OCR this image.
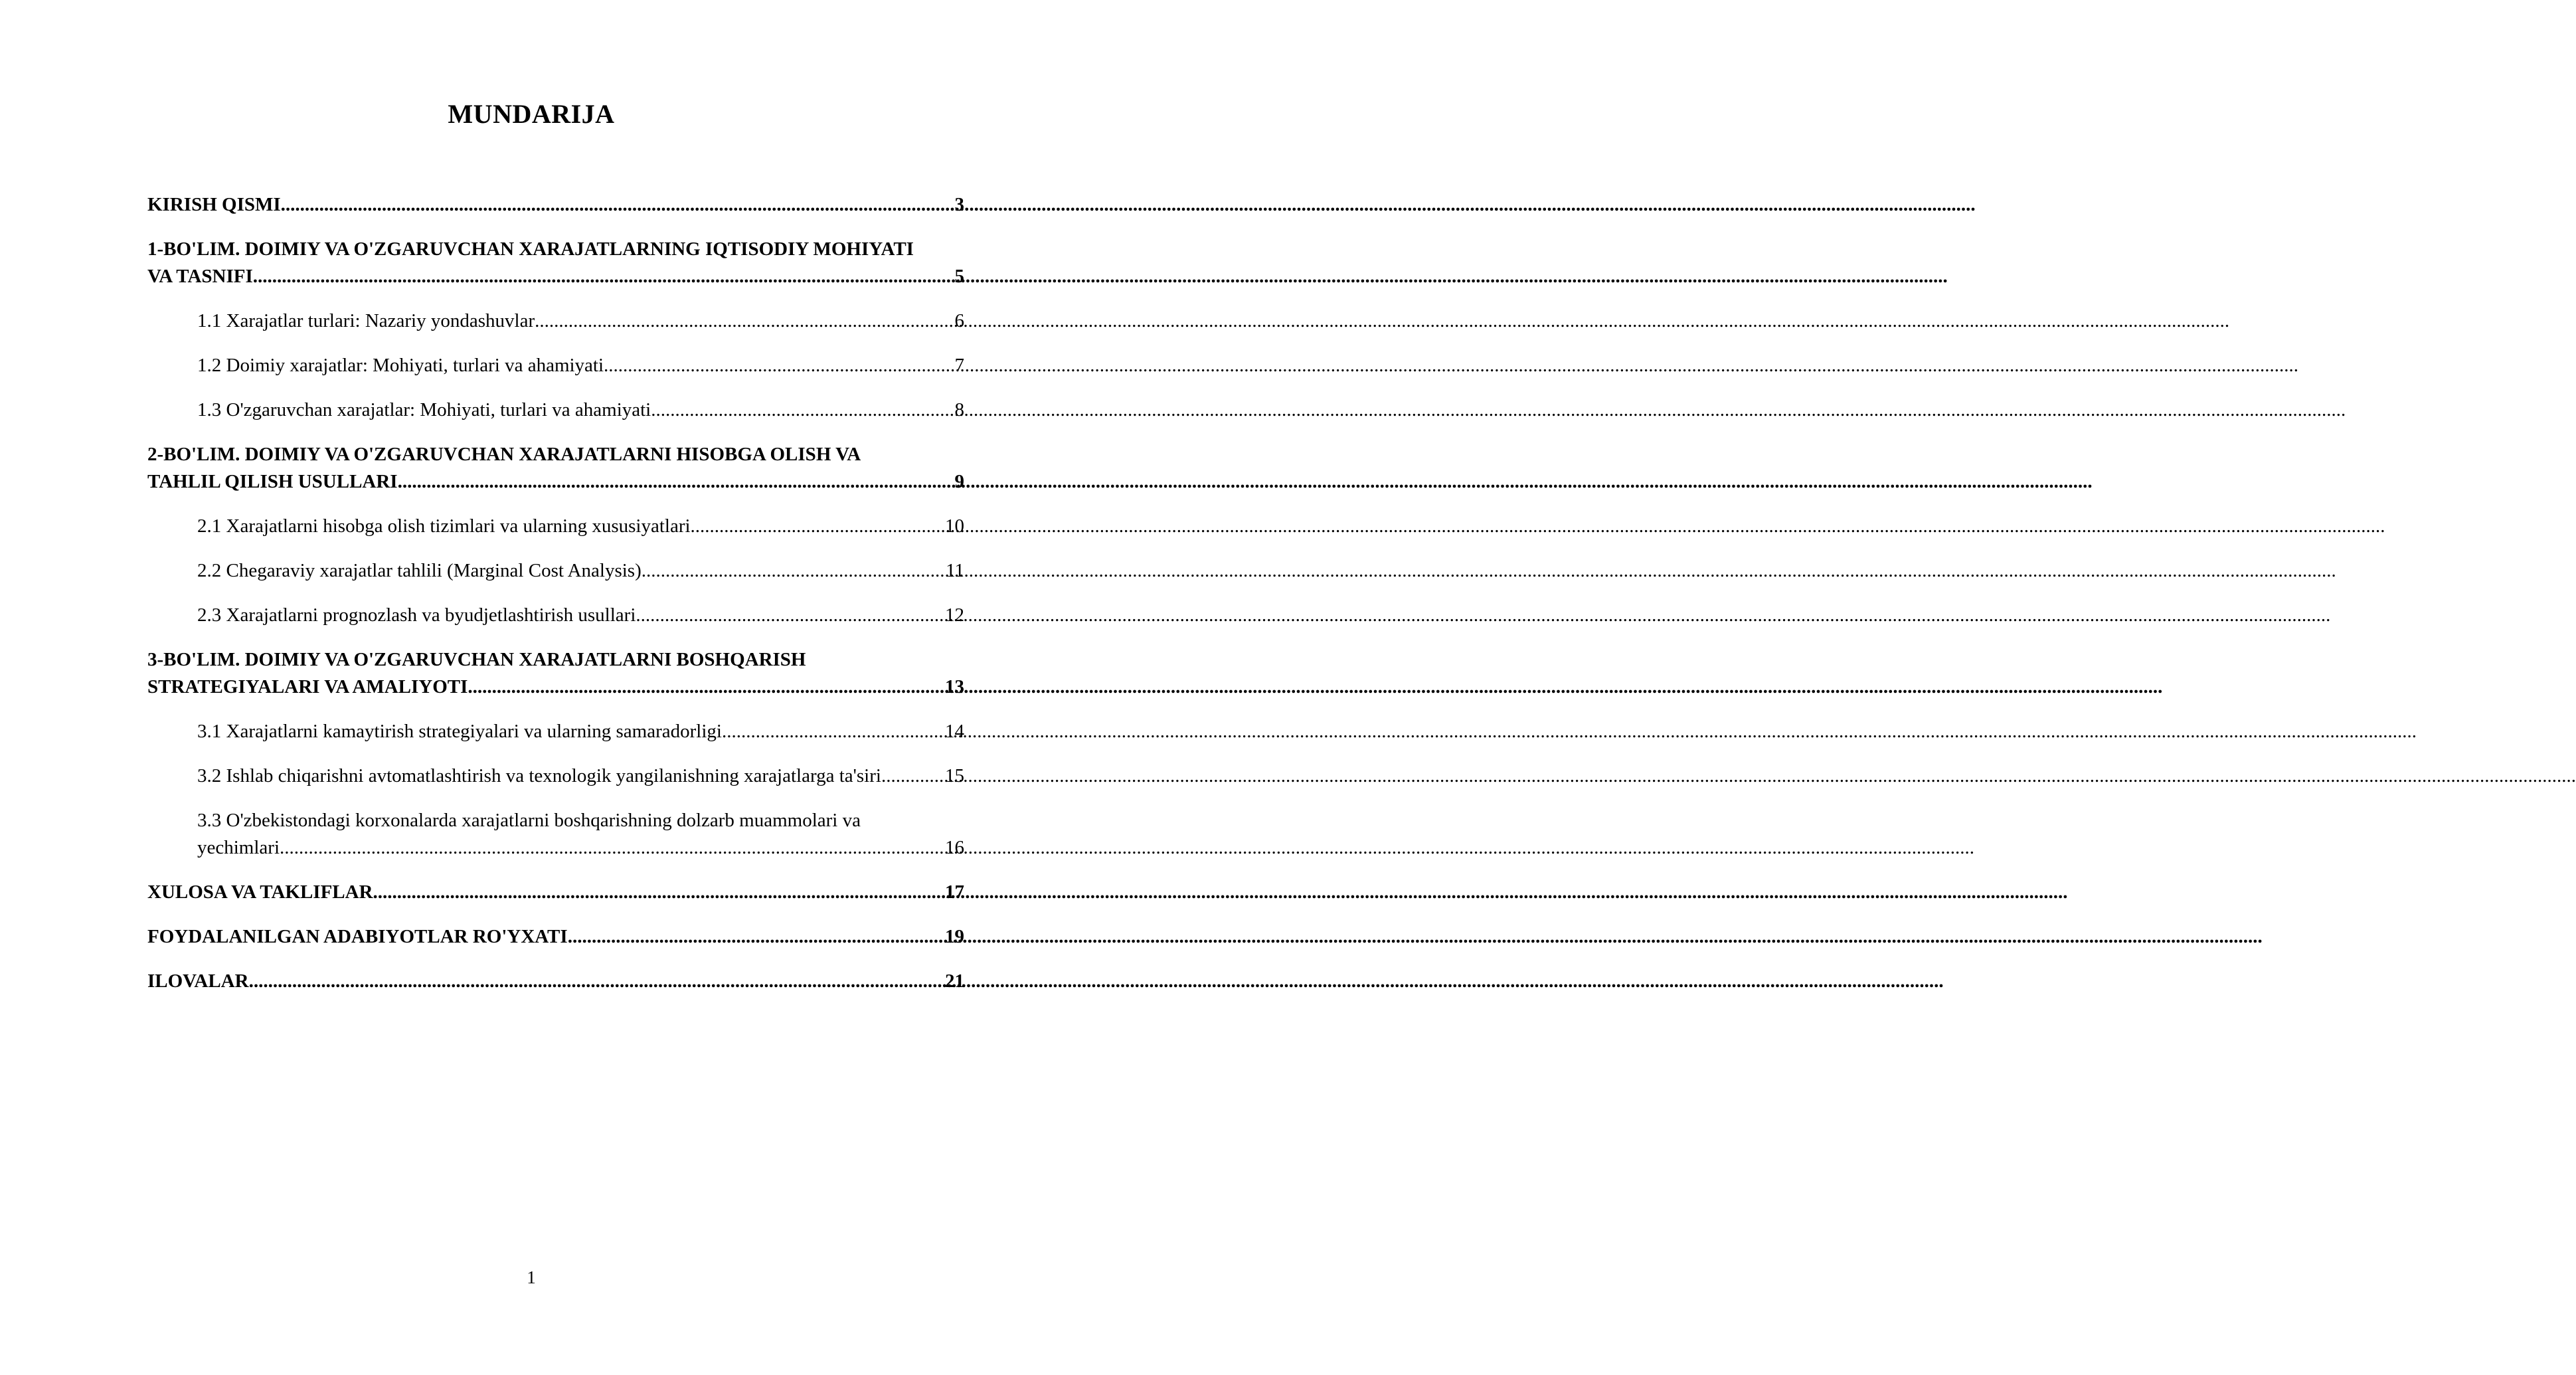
MUNDARIJA
KIRISH QISMI .....	3
1-BO'LIM. DOIMIY VA O'ZGARUVCHAN XARAJATLARNING IQTISODIY MOHIYATI
VA TASNIFI .....	5
1.1 Xarajatlar turlari: Nazariy yondashuvlar .....	6
1.2 Doimiy xarajatlar: Mohiyati, turlari va ahamiyati .....	7
1.3 O'zgaruvchan xarajatlar: Mohiyati, turlari va ahamiyati .....	8
2-BO'LIM. DOIMIY VA O'ZGARUVCHAN XARAJATLARNI HISOBGA OLISH VA
TAHLIL QILISH USULLARI .....	9
2.1 Xarajatlarni hisobga olish tizimlari va ularning xususiyatlari .....	10
2.2 Chegaraviy xarajatlar tahlili (Marginal Cost Analysis) .....	11
2.3 Xarajatlarni prognozlash va byudjetlashtirish usullari .....	12
3-BO'LIM. DOIMIY VA O'ZGARUVCHAN XARAJATLARNI BOSHQARISH
STRATEGIYALARI VA AMALIYOTI .....	13
3.1 Xarajatlarni kamaytirish strategiyalari va ularning samaradorligi .....	14
3.2 Ishlab chiqarishni avtomatlashtirish va texnologik yangilanishning xarajatlarga ta'siri .....	15
3.3 O'zbekistondagi korxonalarda xarajatlarni boshqarishning dolzarb muammolari va
yechimlari .....	16
XULOSA VA TAKLIFLAR .....	17
FOYDALANILGAN ADABIYOTLAR RO'YXATI .....	19
ILOVALAR .....	21
1
